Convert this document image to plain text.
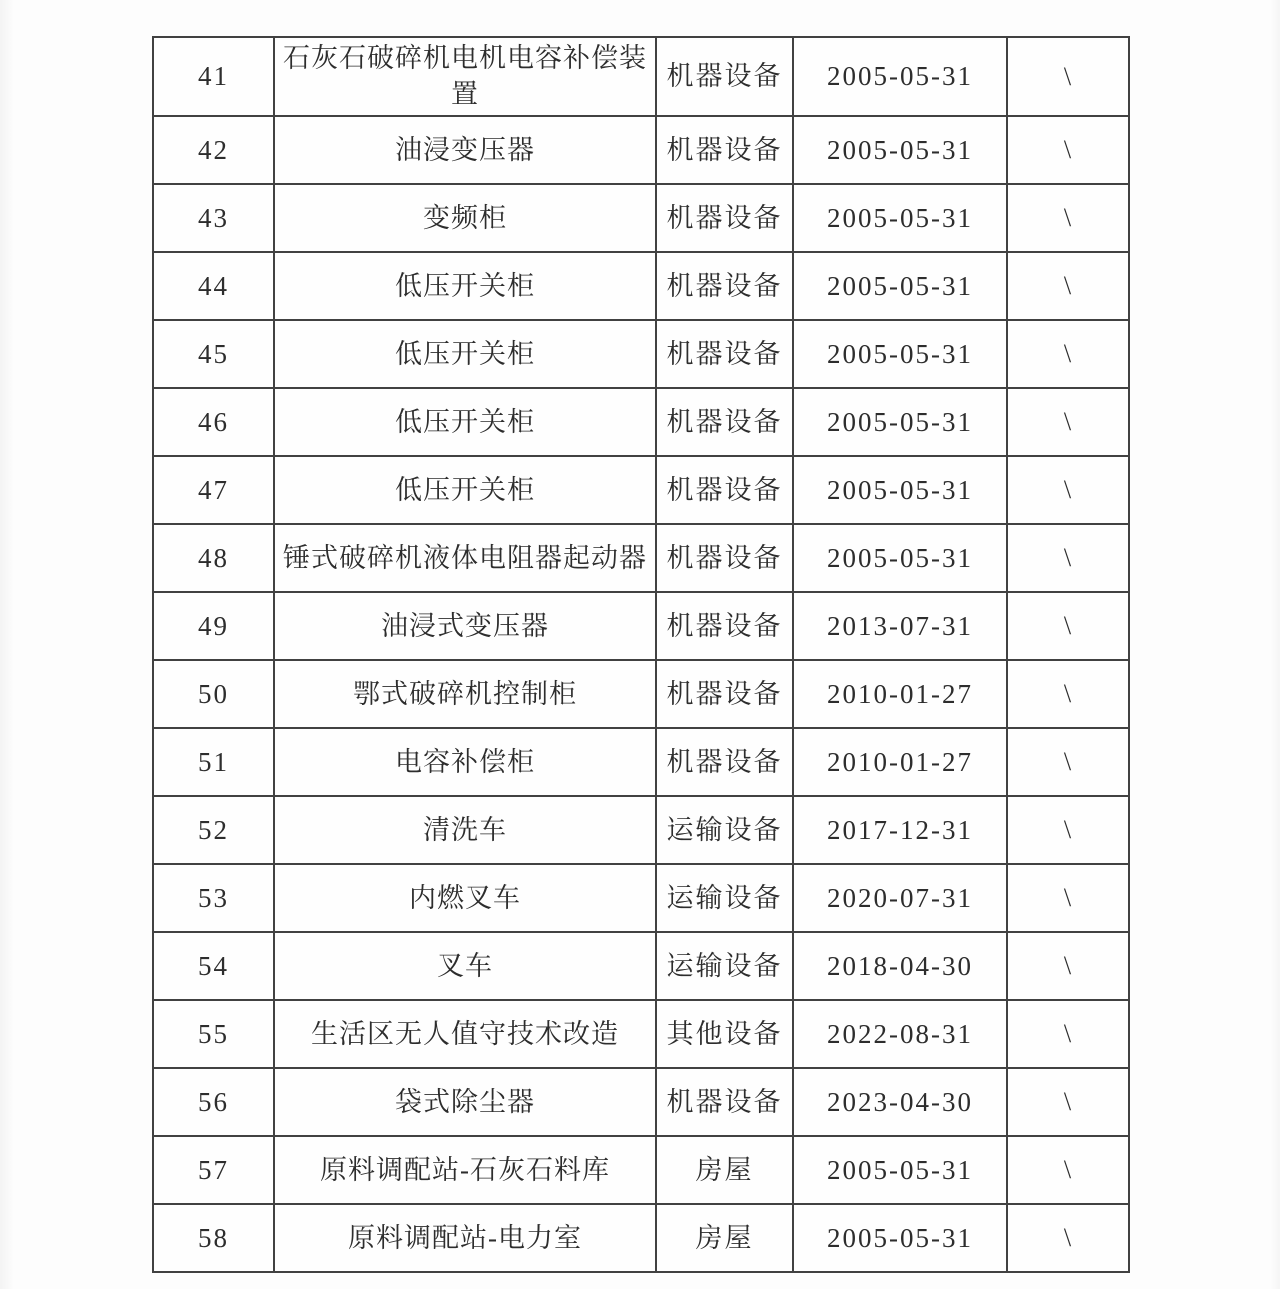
41	石灰石破碎机电机电容补偿装置	机器设备	2005-05-31	\
42	油浸变压器	机器设备	2005-05-31	\
43	变频柜	机器设备	2005-05-31	\
44	低压开关柜	机器设备	2005-05-31	\
45	低压开关柜	机器设备	2005-05-31	\
46	低压开关柜	机器设备	2005-05-31	\
47	低压开关柜	机器设备	2005-05-31	\
48	锤式破碎机液体电阻器起动器	机器设备	2005-05-31	\
49	油浸式变压器	机器设备	2013-07-31	\
50	鄂式破碎机控制柜	机器设备	2010-01-27	\
51	电容补偿柜	机器设备	2010-01-27	\
52	清洗车	运输设备	2017-12-31	\
53	内燃叉车	运输设备	2020-07-31	\
54	叉车	运输设备	2018-04-30	\
55	生活区无人值守技术改造	其他设备	2022-08-31	\
56	袋式除尘器	机器设备	2023-04-30	\
57	原料调配站-石灰石料库	房屋	2005-05-31	\
58	原料调配站-电力室	房屋	2005-05-31	\
